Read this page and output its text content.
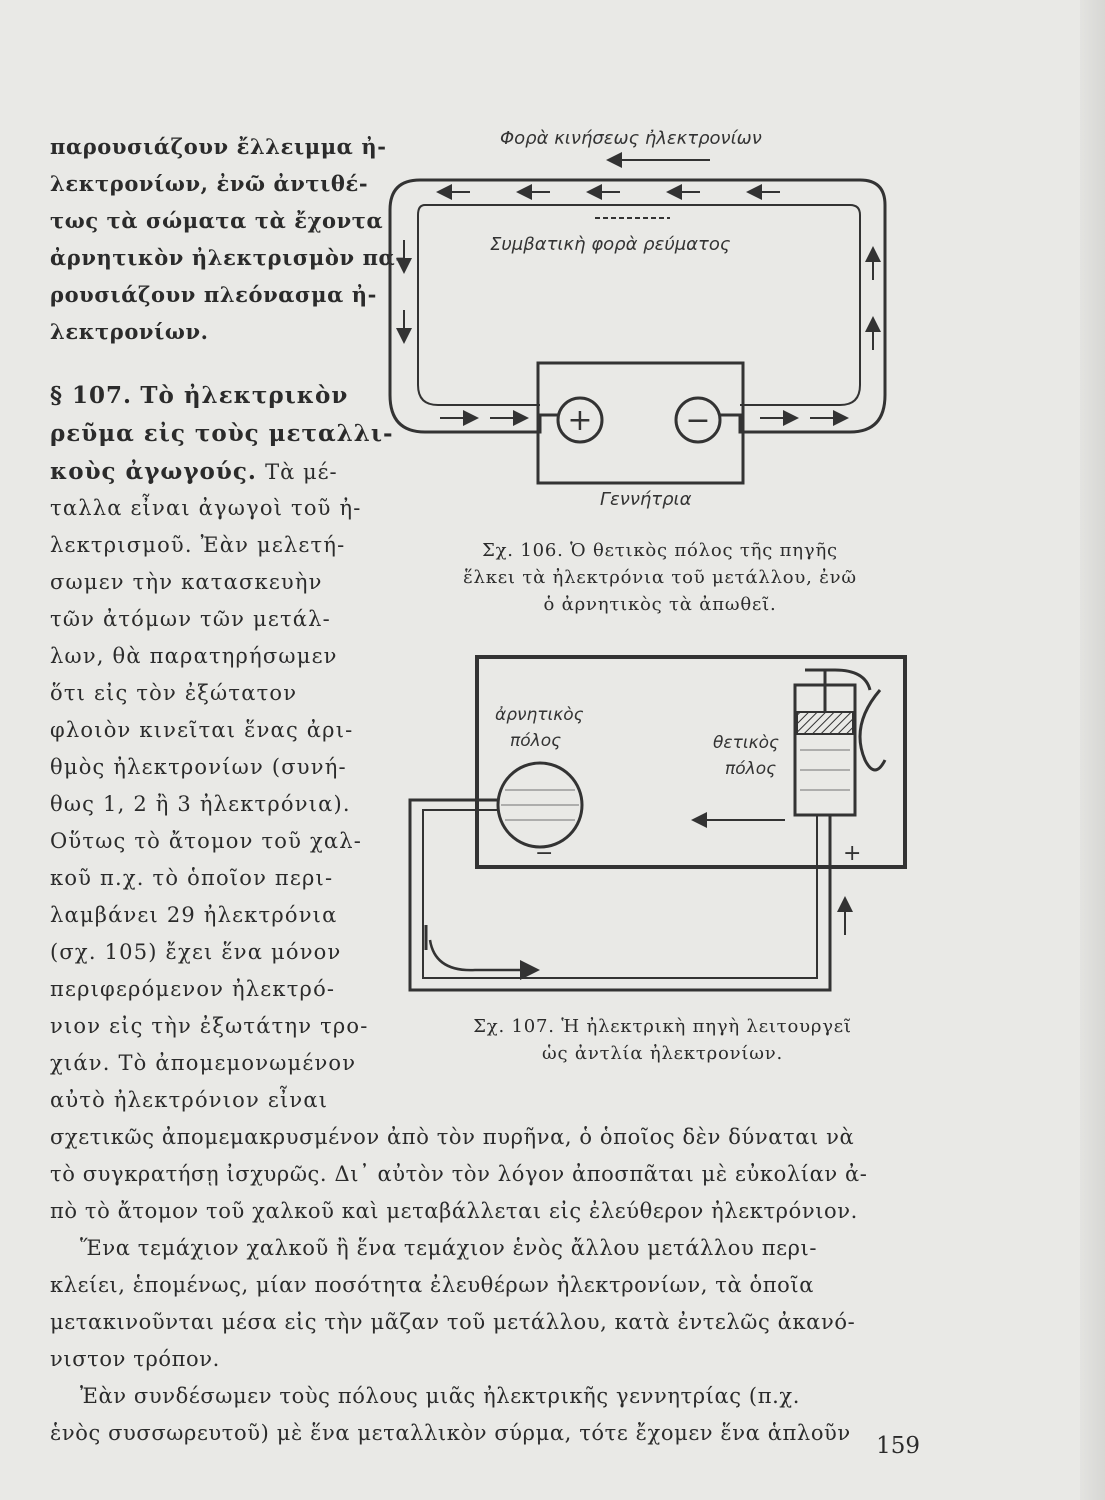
παρουσιάζουν ἔλλειμμα ἠ-
λεκτρονίων, ἐνῶ ἀντιθέ-
τως τὰ σώματα τὰ ἔχοντα
ἀρνητικὸν ἠλεκτρισμὸν πα-
ρουσιάζουν πλεόνασμα ἠ-
λεκτρονίων.
§ 107. Τὸ ἠλεκτρικὸν
ρεῦμα εἰς τοὺς μεταλλι-
κοὺς ἀγωγούς. Τὰ μέ-
ταλλα εἶναι ἀγωγοὶ τοῦ ἠ-
λεκτρισμοῦ. Ἐὰν μελετή-
σωμεν τὴν κατασκευὴν
τῶν ἀτόμων τῶν μετάλ-
λων, θὰ παρατηρήσωμεν
ὅτι εἰς τὸν ἐξώτατον
φλοιὸν κινεῖται ἕνας ἀρι-
θμὸς ἠλεκτρονίων (συνή-
θως 1, 2 ἢ 3 ἠλεκτρόνια).
Οὕτως τὸ ἄτομον τοῦ χαλ-
κοῦ π.χ. τὸ ὁποῖον περι-
λαμβάνει 29 ἠλεκτρόνια
(σχ. 105) ἔχει ἕνα μόνον
περιφερόμενον ἠλεκτρό-
νιον εἰς τὴν ἐξωτάτην τρο-
χιάν. Τὸ ἀπομεμονωμένον
αὐτὸ ἠλεκτρόνιον εἶναι
σχετικῶς ἀπομεμακρυσμένον ἀπὸ τὸν πυρῆνα, ὁ ὁποῖος δὲν δύναται νὰ
τὸ συγκρατήσῃ ἰσχυρῶς. Δι᾽ αὐτὸν τὸν λόγον ἀποσπᾶται μὲ εὐκολίαν ἀ-
πὸ τὸ ἄτομον τοῦ χαλκοῦ καὶ μεταβάλλεται εἰς ἐλεύθερον ἠλεκτρόνιον.
Ἕνα τεμάχιον χαλκοῦ ἢ ἕνα τεμάχιον ἑνὸς ἄλλου μετάλλου περι-
κλείει, ἑπομένως, μίαν ποσότητα ἐλευθέρων ἠλεκτρονίων, τὰ ὁποῖα
μετακινοῦνται μέσα εἰς τὴν μᾶζαν τοῦ μετάλλου, κατὰ ἐντελῶς ἀκανό-
νιστον τρόπον.
Ἐὰν συνδέσωμεν τοὺς πόλους μιᾶς ἠλεκτρικῆς γεννητρίας (π.χ.
ἑνὸς συσσωρευτοῦ) μὲ ἕνα μεταλλικὸν σύρμα, τότε ἔχομεν ἕνα ἁπλοῦν
Φορὰ κινήσεως ἠλεκτρονίων
Συμβατικὴ φορὰ ρεύματος
+	−
Γεννήτρια
Σχ. 106. Ὁ θετικὸς πόλος τῆς πηγῆς
ἕλκει τὰ ἠλεκτρόνια τοῦ μετάλλου, ἐνῶ
ὁ ἀρνητικὸς τὰ ἀπωθεῖ.
ἀρνητικὸς
πόλος
−
θετικὸς
πόλος
+
Σχ. 107. Ἡ ἠλεκτρικὴ πηγὴ λειτουργεῖ
ὡς ἀντλία ἠλεκτρονίων.
159
